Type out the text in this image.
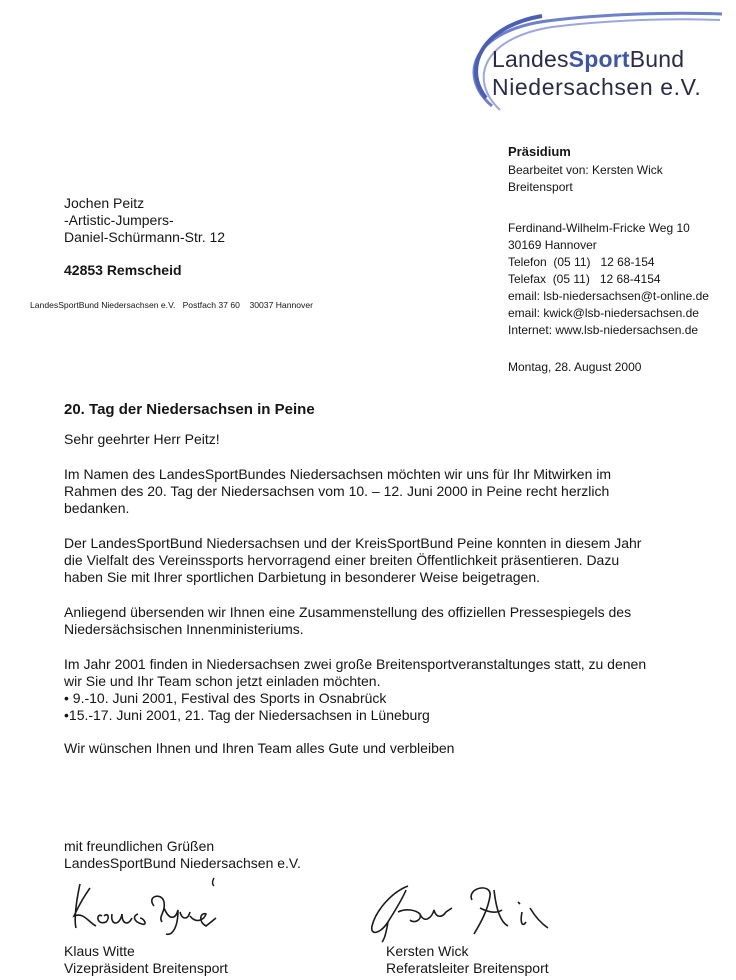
LandesSportBund
Niedersachsen e.V.
Präsidium
Bearbeitet von: Kersten Wick
Breitensport
Ferdinand-Wilhelm-Fricke Weg 10
30169 Hannover
Telefon  (05 11)   12 68-154
Telefax  (05 11)   12 68-4154
email: lsb-niedersachsen@t-online.de
email: kwick@lsb-niedersachsen.de
Internet: www.lsb-niedersachsen.de
Montag, 28. August 2000
Jochen Peitz
-Artistic-Jumpers-
Daniel-Schürmann-Str. 12
42853 Remscheid
LandesSportBund Niedersachsen e.V.   Postfach 37 60    30037 Hannover
20. Tag der Niedersachsen in Peine

Sehr geehrter Herr Peitz!

Im Namen des LandesSportBundes Niedersachsen möchten wir uns für Ihr Mitwirken im Rahmen des 20. Tag der Niedersachsen vom 10. – 12. Juni 2000 in Peine recht herzlich bedanken.

Der LandesSportBund Niedersachsen und der KreisSportBund Peine konnten in diesem Jahr die Vielfalt des Vereinssports hervorragend einer breiten Öffentlichkeit präsentieren. Dazu haben Sie mit Ihrer sportlichen Darbietung in besonderer Weise beigetragen.

Anliegend übersenden wir Ihnen eine Zusammenstellung des offiziellen Pressespiegels des Niedersächsischen Innenministeriums.

Im Jahr 2001 finden in Niedersachsen zwei große Breitensportveranstaltunges statt, zu denen wir Sie und Ihr Team schon jetzt einladen möchten.

• 9.-10. Juni 2001, Festival des Sports in Osnabrück
•15.-17. Juni 2001, 21. Tag der Niedersachsen in Lüneburg

Wir wünschen Ihnen und Ihren Team alles Gute und verbleiben

mit freundlichen Grüßen
LandesSportBund Niedersachsen e.V.
Klaus Witte
Vizepräsident Breitensport
Kersten Wick
Referatsleiter Breitensport
